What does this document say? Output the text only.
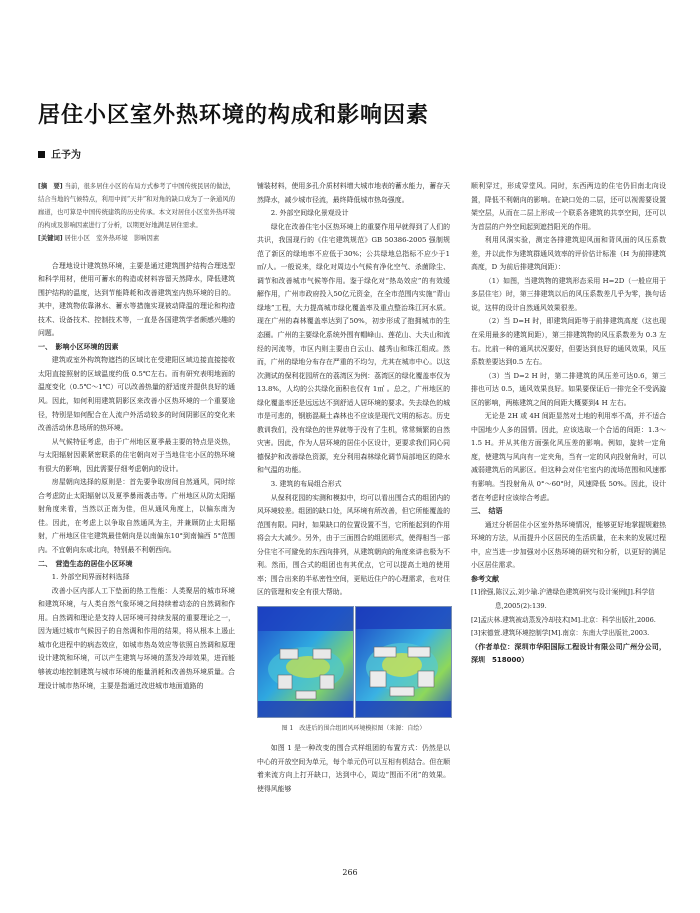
居住小区室外热环境的构成和影响因素
丘予为

[摘　要] 当前，很多居住小区的布局方式参考了中国传统民居的做法，结合当地的气候特点，利用中间“天井”和对角的缺口成为了一条通风的廊道，也可算是中国传统建筑的历史传承。本文对居住小区室外热环境的构成及影响因素进行了分析，以期更好地满足居住需求。

[关键词] 居住小区　室外热环境　影响因素

合理地设计建筑热环境，主要是通过建筑围护结构合理选型和科学用材，使用可蓄水的构造或材料容留天然降水，降低建筑围护结构的温度，达到节能降耗和改善建筑室内热环境的目的。其中，建筑物依靠淋水、蓄水等措施实现被动降温的理论和构造技术、设备技术、控制技术等，一直是各国建筑学者颇感兴趣的问题。

一、　影响小区环境的因素

建筑或室外构筑物遮挡的区域比在受建阳区域边接直接接收太阳直接照射的区域温度约低 0.5℃左右。而有研究表明地面的温度变化（0.5℃～1℃）可以改善热量的舒适度并提供良好的通风。因此，如何利用建筑阴影区来改善小区热环境的一个重要途径，特别是如何配合在人流户外活动较多的时间阴影区的变化来改善活动休息场所的热环境。

从气候特征考虑，由于广州地区夏季最主要的特点是炎热，与太阳辐射因素紧密联系的住宅朝向对于当地住宅小区的热环境有很大的影响，因此需要仔细考虑朝向的设计。

房屋朝向选择的原则是：首先要争取房间自然通风，同时综合考虑防止太阳辐射以及夏季暴雨袭击等。广州地区从防太阳辐射角度来看，当然以正南为佳，但从通风角度上，以偏东南为佳。因此，在考虑上以争取自然通风为主，并兼顾防止太阳辐射，广州地区住宅建筑最佳朝向是以南偏东10°到南偏西 5°范围内。不宜朝向东或北向，特别最不利朝西向。

二、　营造生态的居住小区环境

1. 外部空间界面材料选择

改善小区内部人工下垫面的热工性能：人类聚居的城市环境和建筑环境，与人类自然气象环境之间持续着动态的自然调和作用。自然调和理论是支持人居环境可持续发展的重要理论之一，因为通过城市气候因子的自然调和作用的结果，将从根本上遏止城市化进程中的病态效应，如城市热岛效应等依照自然调和原理设计建筑和环境，可以产生建筑与环境的蒸发冷却效果，进而能够被动地控制建筑与城市环境的能量消耗和改善热环境质量。合理设计城市热环境，主要是指通过改进城市地面道路的

铺装材料，使用多孔介质材料增大城市地表的蓄水能力，蓄存天然降水，减少城市径流，最终降低城市热岛强度。

2. 外部空间绿化景观设计

绿化在改善住宅小区热环境上的重要作用早就得到了人们的共识，我国现行的《住宅建筑规范》GB 50386-2005 强制规范了新区的绿地率不应低于30%；公共绿地总指标不应少于1㎡/人。一般说来，绿化对周边小气候有净化空气、杀菌除尘、调节和改善城市气候等作用。鉴于绿化对“热岛效应”的有效缓解作用，广州市政府投入50亿元资金，在全市范围内实施“青山绿地”工程，大力提高城市绿化覆盖率及重点整治珠江河水质。现在广州的森林覆盖率达到了50%，初步形成了抱拥城市的生态圈。广州的主要绿化系统外围有帽峰山、莲花山、大夫山和流经的河流等，市区内则主要由白云山、越秀山和珠江组成。然而，广州的绿地分布存在严重的不均匀，尤其在城市中心。以这次测试的保利花园所在的荔湾区为例：荔湾区的绿化覆盖率仅为13.8%，人均的公共绿化面积也仅有 1㎡ 。总之，广州地区的绿化覆盖率还是远远达不到舒适人居环境的要求。失去绿色的城市是可悲的，钢筋混凝土森林也不应该是现代文明的标志。历史教训我们，没有绿色的世界就等于没有了生机，常常频繁的自然灾害。因此，作为人居环境的居住小区设计，更要求我们同心同德保护和改善绿色资源，充分利用森林绿化调节局部地区的降水和气温的功能。

3. 建筑的布局组合形式

从保利花园的实测和模拟中，均可以看出围合式的组团内的风环境较差。组团的缺口处，风环境有所改善，但它所能覆盖的范围有限。同时，如果缺口的位置设置不当，它所能起到的作用将会大大减少。另外，由于三面围合的组团形式，使得相当一部分住宅不可避免的东西向排列，从建筑朝向的角度来讲也极为不利。然而，围合式的组团也有其优点，它可以提高土地的使用率；围合出来的半私密性空间，更贴近住户的心理需求，也对住区的管理和安全有很大帮助。

图 1　改进后的围合组团风环境模拟图（来源：自绘）

如图 1 是一种改变的围合式样组团的布置方式：仍然是以中心的开放空间为单元，每个单元仍可以互相有机结合。但在顺着来流方向上打开缺口，达到中心，周边“围而不闭”的效果。使得风能够

顺利穿过，形成穿堂风。同时，东西两边的住宅仍旧南北向设置，降低不利朝向的影响。在缺口处的二层，还可以视需要设置架空层，从而在二层上形成一个联系各建筑的共享空间，还可以为首层的户外空间起到遮挡阳光的作用。

利用风洞实验，测定各排建筑迎风面和背风面的风压系数差，并以此作为建筑群通风效率的评价估计标准（H 为前排建筑高度，D 为前后排建筑间距）：

（1）如图，当建筑物的建筑形态采用 H=2D（一般应用于多层住宅）时，第三排建筑以后的风压系数差几乎为零，换句话说，这样的设计自然通风效果很差。

（2）当 D=H 时，即建筑间距等于前排建筑高度（这也现在采用最多的建筑间距），第三排建筑物的风压系数差为 0.3 左右。比前一种的通风状况要好，但要达到良好的通风效果，风压系数差要达到0.5 左右。

（3）当 D=2 H 时，第二排建筑的风压差可达0.6，第三排也可达 0.5，通风效果良好。如果要保证后一排完全不受涡漩区的影响，两栋建筑之间的间距大概要到4 H 左右。

无论是 2H 或 4H 间距显然对土地的利用率不高，并不适合中国地少人多的国情。因此，应该选取一个合适的间距：1.3～1.5 H。并从其他方面强化风压差的影响。例如，旋转一定角度，使建筑与风向有一定夹角，当有一定的风向投射角时，可以减弱建筑后的风影区。但这种会对住宅室内的流场范围和风速都有影响。当投射角从 0°～60°时，风速降低 50%。因此，设计者在考虑时应该综合考虑。

三、　结语

通过分析居住小区室外热环境情况，能够更好地掌握规避热环境的方法，从而提升小区居民的生活质量，在未来的发展过程中，应当进一步加强对小区热环境的研究和分析，以更好的满足小区居住需求。

参考文献

[1]徐强,陈汉云,刘少瑜.沪港绿色建筑研究与设计案例[J].科学信息,2005(2):139.
[2]孟庆林.建筑被动蒸发冷却技术[M].北京：科学出版社,2006.
[3]宋德萱.建筑环境控制学[M].南京：东南大学出版社,2003.

（作者单位：深圳市华阳国际工程设计有限公司广州分公司，深圳　518000）

266
